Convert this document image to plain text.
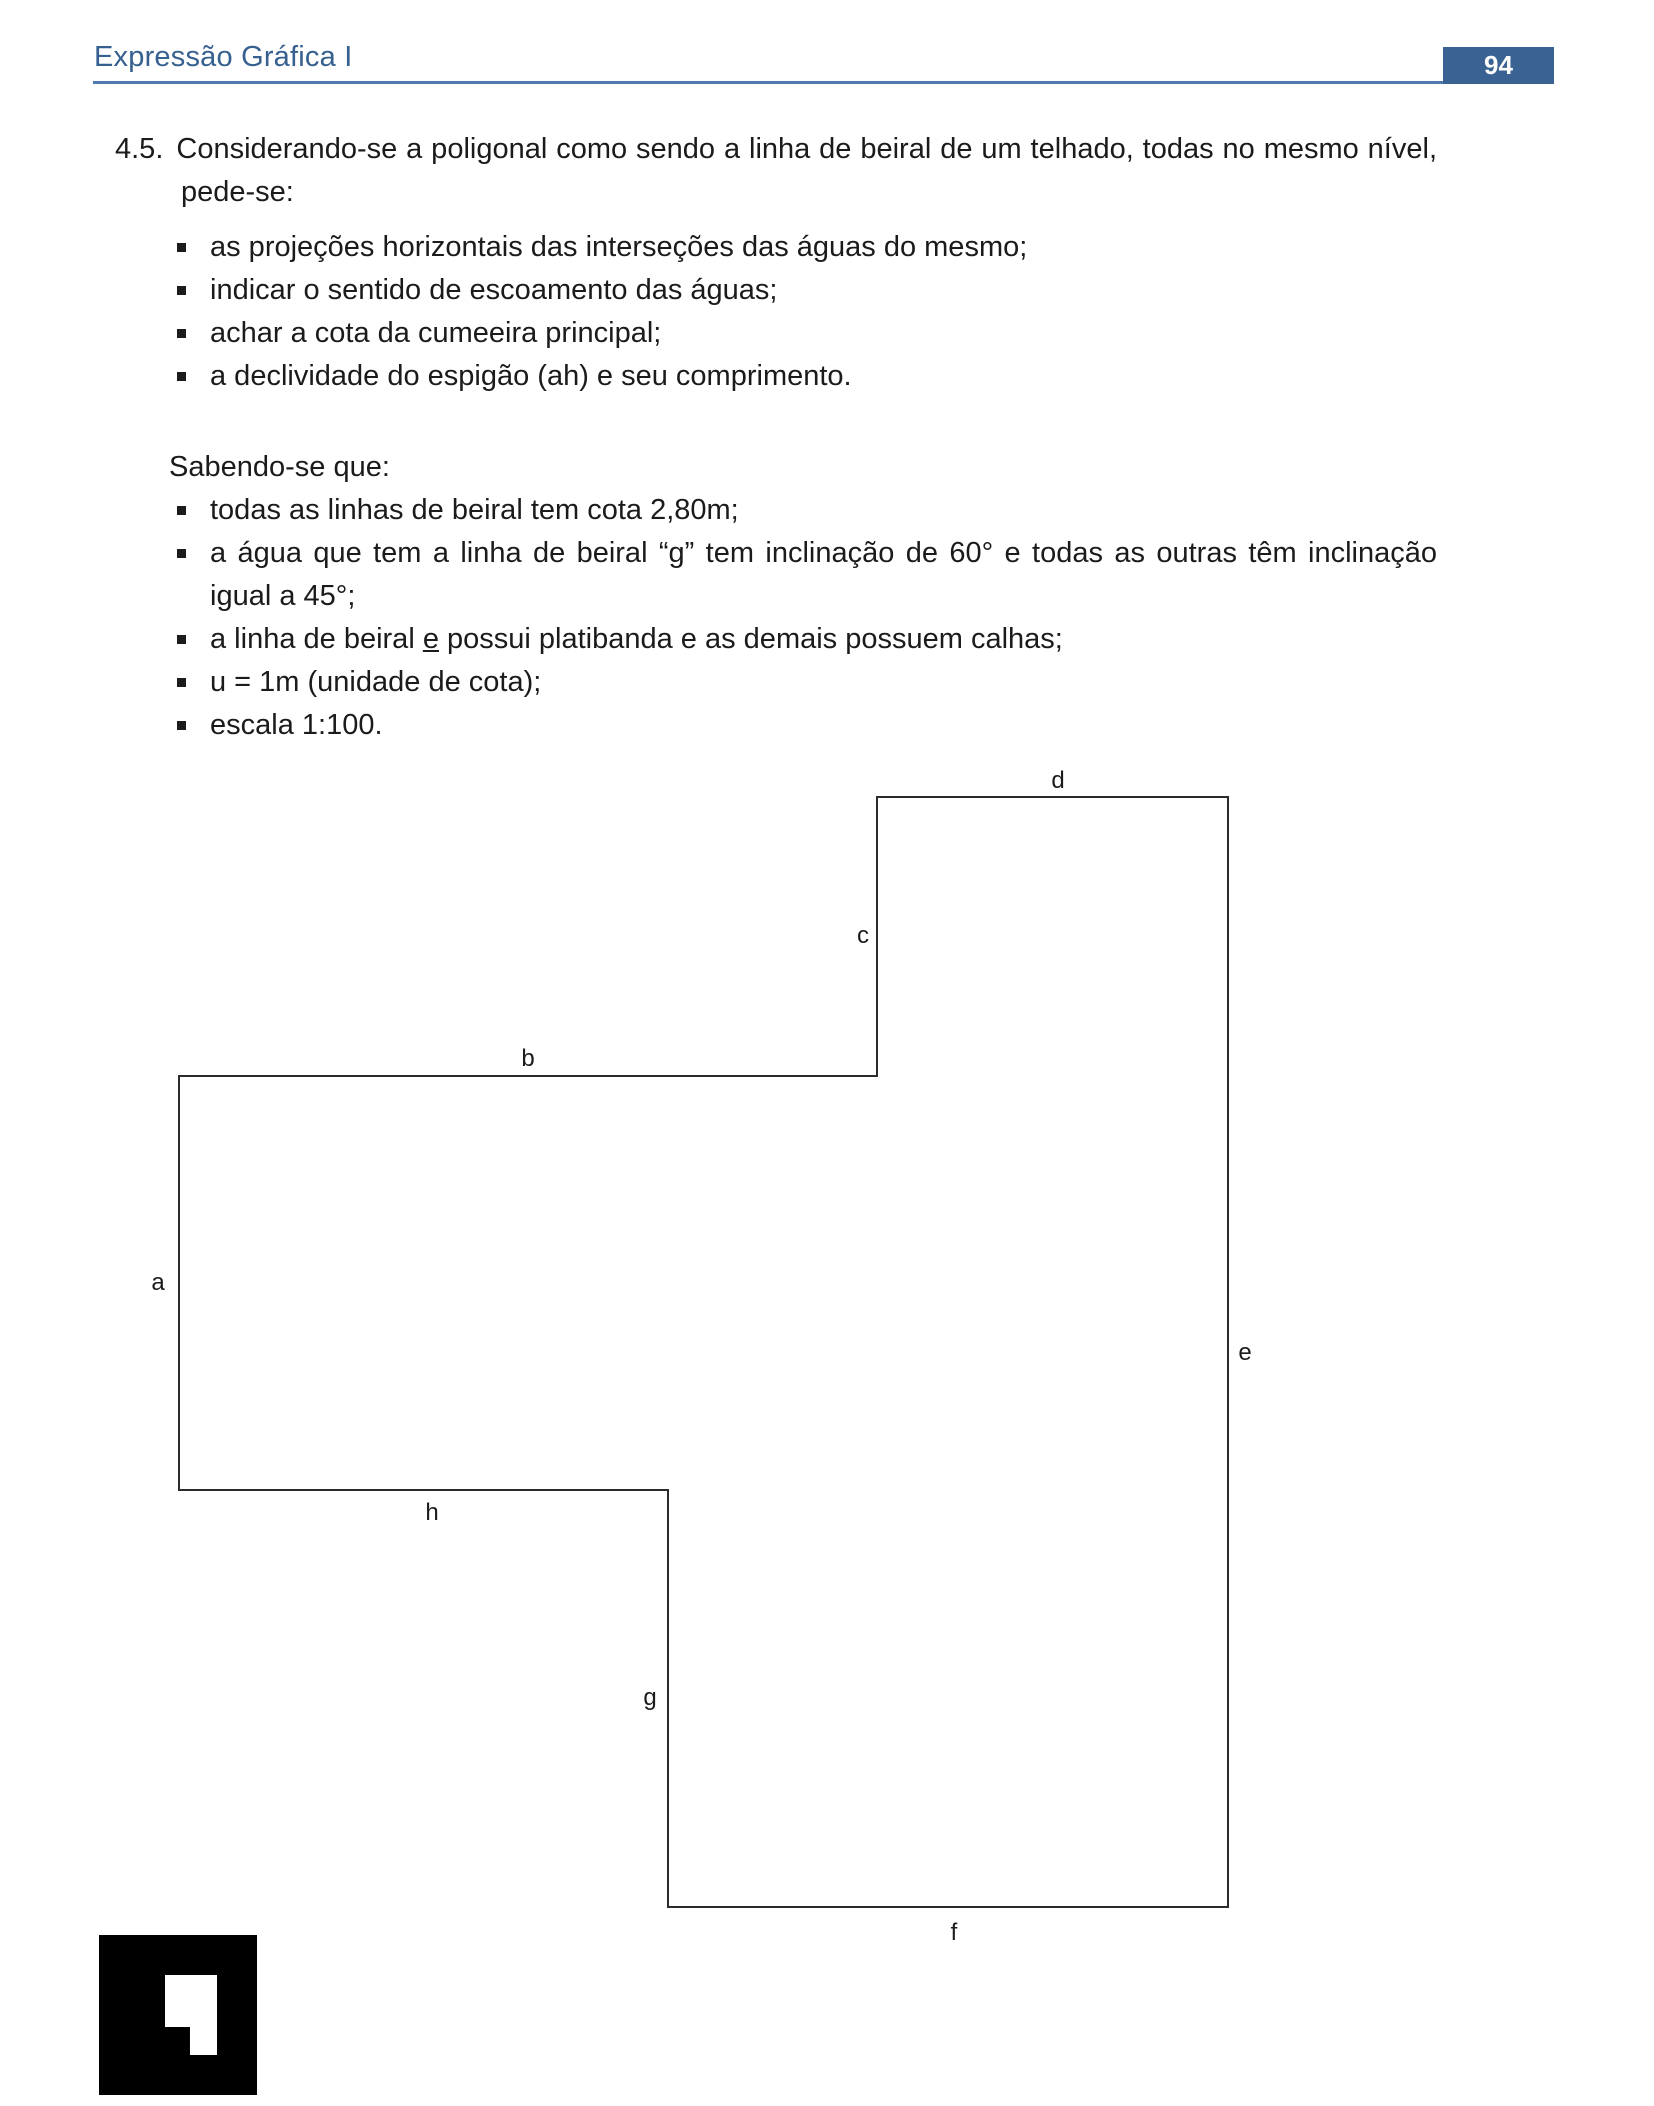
Expressão Gráfica I	94

4.5. Considerando-se a poligonal como sendo a linha de beiral de um telhado, todas no mesmo nível, pede-se:

as projeções horizontais das interseções das águas do mesmo;
indicar o sentido de escoamento das águas;
achar a cota da cumeeira principal;
a declividade do espigão (ah) e seu comprimento.

Sabendo-se que:

todas as linhas de beiral tem cota 2,80m;
a água que tem a linha de beiral “g” tem inclinação de 60° e todas as outras têm inclinação igual a 45°;
a linha de beiral e possui platibanda e as demais possuem calhas;
u = 1m (unidade de cota);
escala 1:100.
a
b
c
d
e
f
g
h
